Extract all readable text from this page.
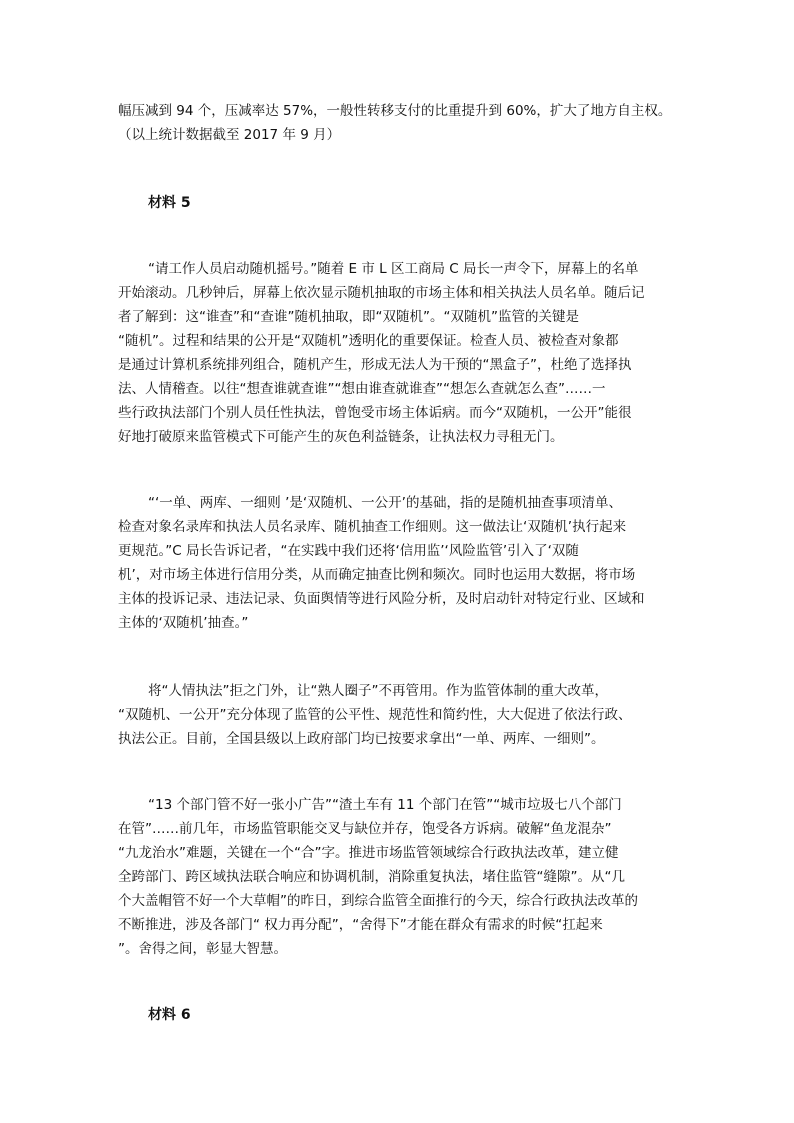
幅压减到 94 个，压减率达 57%，一般性转移支付的比重提升到 60%，扩大了地方自主权。
（以上统计数据截至 2017 年 9 月）
材料 5
“请工作人员启动随机摇号。”随着 E 市 L 区工商局 C 局长一声令下，屏幕上的名单
开始滚动。几秒钟后，屏幕上依次显示随机抽取的市场主体和相关执法人员名单。随后记
者了解到：这“谁查”和“查谁”随机抽取，即“双随机”。“双随机”监管的关键是
“随机”。过程和结果的公开是“双随机”透明化的重要保证。检查人员、被检查对象都
是通过计算机系统排列组合，随机产生，形成无法人为干预的“黑盒子”，杜绝了选择执
法、人情稽查。以往“想查谁就查谁”“想由谁查就谁查”“想怎么查就怎么查”……一
些行政执法部门个别人员任性执法，曾饱受市场主体诟病。而今“双随机，一公开”能很
好地打破原来监管模式下可能产生的灰色利益链条，让执法权力寻租无门。
“‘一单、两库、一细则 ’是‘双随机、一公开’的基础，指的是随机抽查事项清单、
检查对象名录库和执法人员名录库、随机抽查工作细则。这一做法让‘双随机’执行起来
更规范。”C 局长告诉记者，“在实践中我们还将‘信用监’‘风险监管’引入了‘双随
机’，对市场主体进行信用分类，从而确定抽查比例和频次。同时也运用大数据，将市场
主体的投诉记录、违法记录、负面舆情等进行风险分析，及时启动针对特定行业、区域和
主体的‘双随机’抽查。”
将“人情执法”拒之门外，让“熟人圈子”不再管用。作为监管体制的重大改革，
“双随机、一公开”充分体现了监管的公平性、规范性和简约性，大大促进了依法行政、
执法公正。目前，全国县级以上政府部门均已按要求拿出“一单、两库、一细则”。
“13 个部门管不好一张小广告”“渣土车有 11 个部门在管”“城市垃圾七八个部门
在管”……前几年，市场监管职能交叉与缺位并存，饱受各方诉病。破解“鱼龙混杂”
“九龙治水”难题，关键在一个“合”字。推进市场监管领域综合行政执法改革，建立健
全跨部门、跨区域执法联合响应和协调机制，消除重复执法，堵住监管“缝隙”。从“几
个大盖帽管不好一个大草帽”的昨日，到综合监管全面推行的今天，综合行政执法改革的
不断推进，涉及各部门“ 权力再分配”，“舍得下”才能在群众有需求的时候“扛起来
”。舍得之间，彰显大智慧。
材料 6
